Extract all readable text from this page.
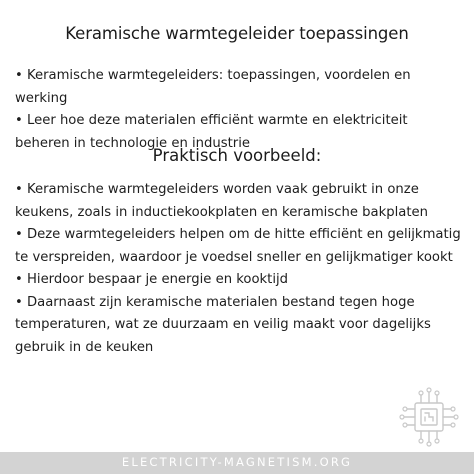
Keramische warmtegeleider toepassingen
• Keramische warmtegeleiders: toepassingen, voordelen en werking
• Leer hoe deze materialen efficiënt warmte en elektriciteit beheren in technologie en industrie
Praktisch voorbeeld:
• Keramische warmtegeleiders worden vaak gebruikt in onze keukens, zoals in inductiekookplaten en keramische bakplaten
• Deze warmtegeleiders helpen om de hitte efficiënt en gelijkmatig te verspreiden, waardoor je voedsel sneller en gelijkmatiger kookt
• Hierdoor bespaar je energie en kooktijd
• Daarnaast zijn keramische materialen bestand tegen hoge temperaturen, wat ze duurzaam en veilig maakt voor dagelijks gebruik in de keuken
ELECTRICITY-MAGNETISM.ORG
